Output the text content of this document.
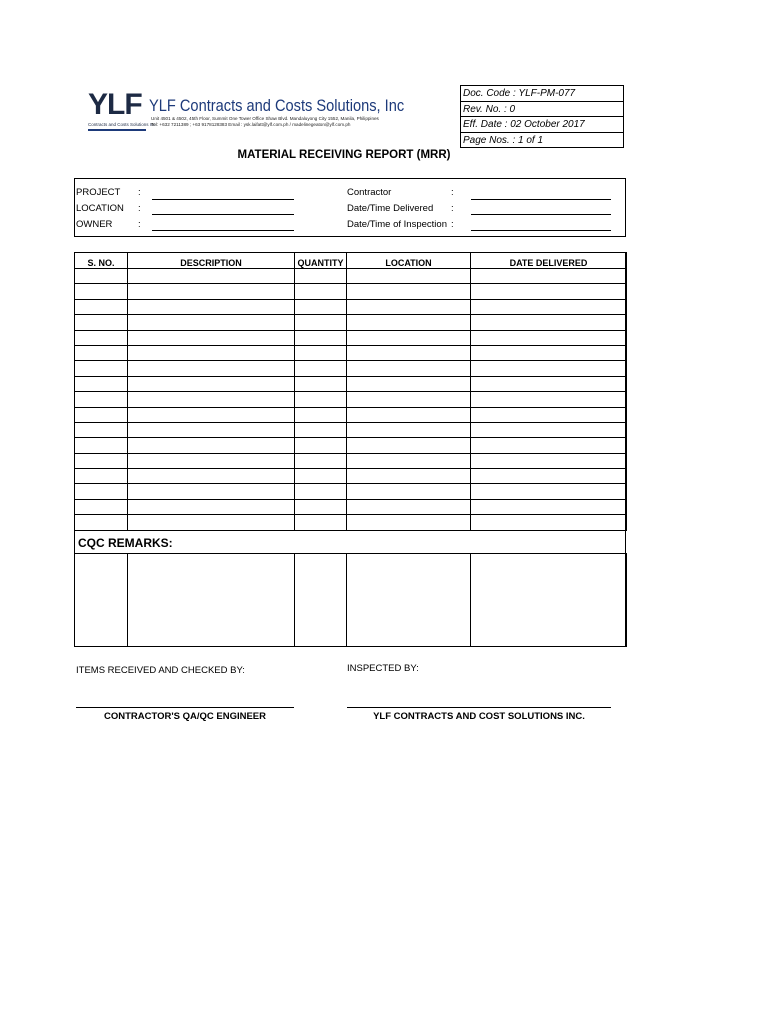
YLF
Contracts and Costs Solutions Inc
YLF Contracts and Costs Solutions, Inc
Unit 4501 & 4502, 45th Floor, Summit One Tower Office Shaw Blvd. Mandaluyong City 1552, Manila, Philippines
Tel: +632 7211389 ; +63 9178128383 Email : ysk.laifatt@ylf.com.ph / madelinegeaton@ylf.com.ph
Doc. Code : YLF-PM-077
Rev. No. : 0
Eff. Date : 02 October 2017
Page Nos. : 1 of 1
MATERIAL RECEIVING REPORT (MRR)
PROJECT :
LOCATION :
OWNER	:
Contractor	:
Date/Time Delivered :
Date/Time of Inspection :
S. NO.	DESCRIPTION	QUANTITY	LOCATION	DATE DELIVERED

CQC REMARKS:

ITEMS RECEIVED AND CHECKED BY:
CONTRACTOR'S QA/QC ENGINEER
INSPECTED BY:
YLF CONTRACTS AND COST SOLUTIONS INC.
